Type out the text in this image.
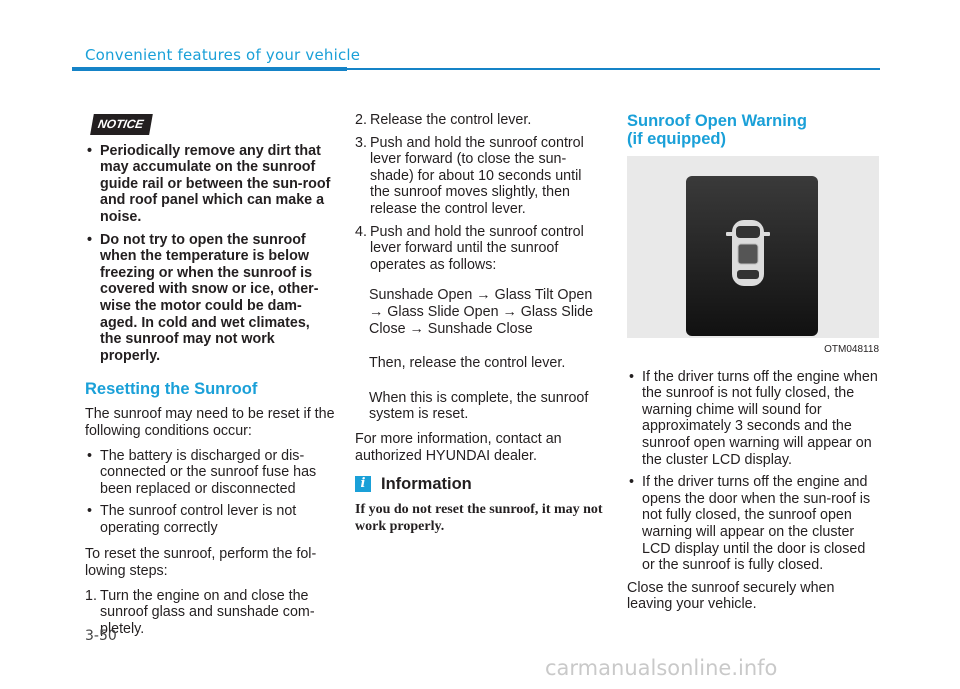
Convenient features of your vehicle
NOTICE
• Periodically remove any dirt that may accumulate on the sunroof guide rail or between the sun-roof and roof panel which can make a noise.
• Do not try to open the sunroof when the temperature is below freezing or when the sunroof is covered with snow or ice, other-wise the motor could be dam-aged. In cold and wet climates, the sunroof may not work properly.
Resetting the Sunroof

The sunroof may need to be reset if the following conditions occur:

• The battery is discharged or dis-connected or the sunroof fuse has been replaced or disconnected
• The sunroof control lever is not operating correctly

To reset the sunroof, perform the fol-lowing steps:

1. Turn the engine on and close the sunroof glass and sunshade com-pletely.
2. Release the control lever.
3. Push and hold the sunroof control lever forward (to close the sun-shade) for about 10 seconds until the sunroof moves slightly, then release the control lever.
4. Push and hold the sunroof control lever forward until the sunroof operates as follows:

Sunshade Open → Glass Tilt Open → Glass Slide Open → Glass Slide Close → Sunshade Close

Then, release the control lever.

When this is complete, the sunroof system is reset.

For more information, contact an authorized HYUNDAI dealer.

i Information
If you do not reset the sunroof, it may not work properly.
Sunroof Open Warning
(if equipped)
OTM048118
• If the driver turns off the engine when the sunroof is not fully closed, the warning chime will sound for approximately 3 seconds and the sunroof open warning will appear on the cluster LCD display.
• If the driver turns off the engine and opens the door when the sun-roof is not fully closed, the sunroof open warning will appear on the cluster LCD display until the door is closed or the sunroof is fully closed.

Close the sunroof securely when leaving your vehicle.

3-50
carmanualsonline.info
